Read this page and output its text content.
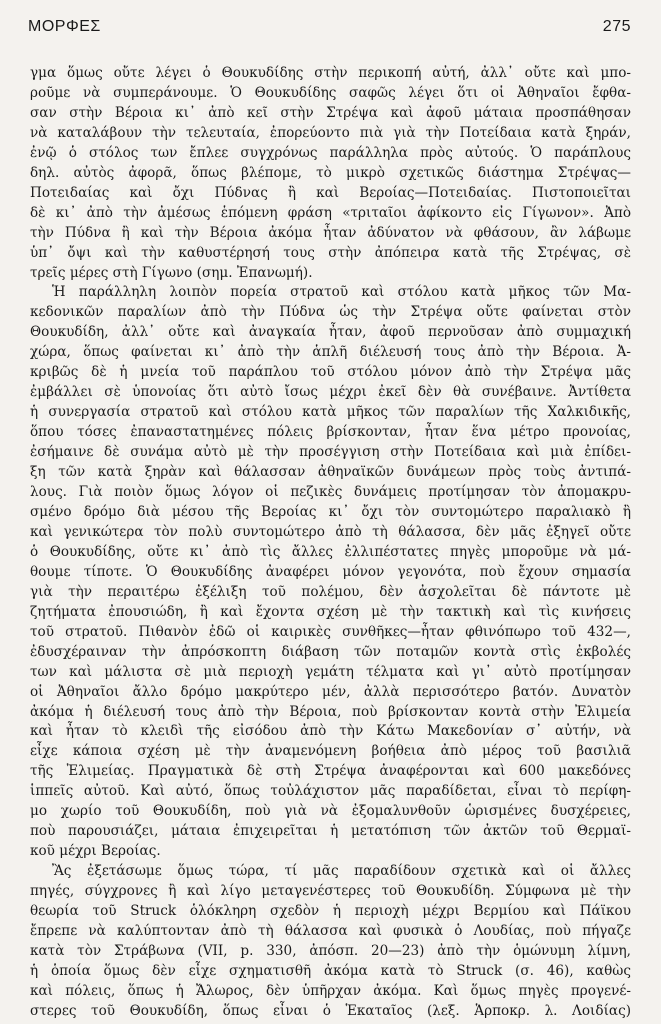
ΜΟΡΦΕΣ	275
γμα ὅμως οὔτε λέγει ὁ Θουκυδίδης στὴν περικοπή αὐτή, ἀλλ᾿ οὔτε καὶ μπο-
ροῦμε νὰ συμπεράνουμε. Ὁ Θουκυδίδης σαφῶς λέγει ὅτι οἱ Ἀθηναῖοι ἔφθα-
σαν στὴν Βέροια κι᾿ ἀπὸ κεῖ στὴν Στρέψα καὶ ἀφοῦ μάταια προσπάθησαν
νὰ καταλάβουν τὴν τελευταία, ἐπορεύοντο πιὰ γιὰ τὴν Ποτείδαια κατὰ ξηράν,
ἐνῷ ὁ στόλος των ἔπλεε συγχρόνως παράλληλα πρὸς αὐτούς. Ὁ παράπλους
δηλ. αὐτὸς ἀφορᾶ, ὅπως βλέπομε, τὸ μικρὸ σχετικῶς διάστημα Στρέψας—
Ποτειδαίας καὶ ὄχι Πύδνας ἢ καὶ Βεροίας—Ποτειδαίας. Πιστοποιεῖται
δὲ κι᾿ ἀπὸ τὴν ἀμέσως ἑπόμενη φράση «τριταῖοι ἀφίκοντο εἰς Γίγωνον». Ἀπὸ
τὴν Πύδνα ἢ καὶ τὴν Βέροια ἀκόμα ἦταν ἀδύνατον νὰ φθάσουν, ἂν λάβωμε
ὑπ᾿ ὄψι καὶ τὴν καθυστέρησή τους στὴν ἀπόπειρα κατὰ τῆς Στρέψας, σὲ
τρεῖς μέρες στὴ Γίγωνο (σημ. Ἐπανωμή).
Ἡ παράλληλη λοιπὸν πορεία στρατοῦ καὶ στόλου κατὰ μῆκος τῶν Μα-
κεδονικῶν παραλίων ἀπὸ τὴν Πύδνα ὡς τὴν Στρέψα οὔτε φαίνεται στὸν
Θουκυδίδη, ἀλλ᾿ οὔτε καὶ ἀναγκαία ἦταν, ἀφοῦ περνοῦσαν ἀπὸ συμμαχική
χώρα, ὅπως φαίνεται κι᾿ ἀπὸ τὴν ἁπλῆ διέλευσή τους ἀπὸ τὴν Βέροια. Ἀ-
κριβῶς δὲ ἡ μνεία τοῦ παράπλου τοῦ στόλου μόνον ἀπὸ τὴν Στρέψα μᾶς
ἐμβάλλει σὲ ὑπονοίας ὅτι αὐτὸ ἴσως μέχρι ἐκεῖ δὲν θὰ συνέβαινε. Ἀντίθετα
ἡ συνεργασία στρατοῦ καὶ στόλου κατὰ μῆκος τῶν παραλίων τῆς Χαλκιδικῆς,
ὅπου τόσες ἐπαναστατημένες πόλεις βρίσκονταν, ἦταν ἕνα μέτρο προνοίας,
ἐσήμαινε δὲ συνάμα αὐτὸ μὲ τὴν προσέγγιση στὴν Ποτείδαια καὶ μιὰ ἐπίδει-
ξη τῶν κατὰ ξηρὰν καὶ θάλασσαν ἀθηναϊκῶν δυνάμεων πρὸς τοὺς ἀντιπά-
λους. Γιὰ ποιὸν ὅμως λόγον οἱ πεζικὲς δυνάμεις προτίμησαν τὸν ἀπομακρυ-
σμένο δρόμο διὰ μέσου τῆς Βεροίας κι᾿ ὄχι τὸν συντομώτερο παραλιακὸ ἢ
καὶ γενικώτερα τὸν πολὺ συντομώτερο ἀπὸ τὴ θάλασσα, δὲν μᾶς ἐξηγεῖ οὔτε
ὁ Θουκυδίδης, οὔτε κι᾿ ἀπὸ τὶς ἄλλες ἐλλιπέστατες πηγὲς μποροῦμε νὰ μά-
θουμε τίποτε. Ὁ Θουκυδίδης ἀναφέρει μόνον γεγονότα, ποὺ ἔχουν σημασία
γιὰ τὴν περαιτέρω ἐξέλιξη τοῦ πολέμου, δὲν ἀσχολεῖται δὲ πάντοτε μὲ
ζητήματα ἐπουσιώδη, ἢ καὶ ἔχοντα σχέση μὲ τὴν τακτικὴ καὶ τὶς κινήσεις
τοῦ στρατοῦ. Πιθανὸν ἐδῶ οἱ καιρικὲς συνθῆκες—ἦταν φθινόπωρο τοῦ 432—,
ἐδυσχέραιναν τὴν ἀπρόσκοπτη διάβαση τῶν ποταμῶν κοντὰ στὶς ἐκβολές
των καὶ μάλιστα σὲ μιὰ περιοχὴ γεμάτη τέλματα καὶ γι᾿ αὐτὸ προτίμησαν
οἱ Ἀθηναῖοι ἄλλο δρόμο μακρύτερο μέν, ἀλλὰ περισσότερο βατόν. Δυνατὸν
ἀκόμα ἡ διέλευσή τους ἀπὸ τὴν Βέροια, ποὺ βρίσκονταν κοντὰ στὴν Ἐλιμεία
καὶ ἦταν τὸ κλειδὶ τῆς εἰσόδου ἀπὸ τὴν Κάτω Μακεδονίαν σ᾿ αὐτήν, νὰ
εἶχε κάποια σχέση μὲ τὴν ἀναμενόμενη βοήθεια ἀπὸ μέρος τοῦ βασιλιᾶ
τῆς Ἐλιμείας. Πραγματικὰ δὲ στὴ Στρέψα ἀναφέρονται καὶ 600 μακεδόνες
ἱππεῖς αὐτοῦ. Καὶ αὐτό, ὅπως τοὐλάχιστον μᾶς παραδίδεται, εἶναι τὸ περίφη-
μο χωρίο τοῦ Θουκυδίδη, ποὺ γιὰ νὰ ἐξομαλυνθοῦν ὡρισμένες δυσχέρειες,
ποὺ παρουσιάζει, μάταια ἐπιχειρεῖται ἡ μετατόπιση τῶν ἀκτῶν τοῦ Θερμαϊ-
κοῦ μέχρι Βεροίας.
Ἂς ἐξετάσωμε ὅμως τώρα, τί μᾶς παραδίδουν σχετικὰ καὶ οἱ ἄλλες
πηγές, σύγχρονες ἢ καὶ λίγο μεταγενέστερες τοῦ Θουκυδίδη. Σύμφωνα μὲ τὴν
θεωρία τοῦ Struck ὁλόκληρη σχεδὸν ἡ περιοχὴ μέχρι Βερμίου καὶ Πάϊκου
ἔπρεπε νὰ καλύπτονταν ἀπὸ τὴ θάλασσα καὶ φυσικὰ ὁ Λουδίας, ποὺ πήγαζε
κατὰ τὸν Στράβωνα (VII, p. 330, ἀπόσπ. 20—23) ἀπὸ τὴν ὁμώνυμη λίμνη,
ἡ ὁποία ὅμως δὲν εἶχε σχηματισθῆ ἀκόμα κατὰ τὸ Struck (σ. 46), καθὼς
καὶ πόλεις, ὅπως ἡ Ἄλωρος, δὲν ὑπῆρχαν ἀκόμα. Καὶ ὅμως πηγὲς προγενέ-
στερες τοῦ Θουκυδίδη, ὅπως εἶναι ὁ Ἑκαταῖος (λεξ. Ἁρποκρ. λ. Λοιδίας)
